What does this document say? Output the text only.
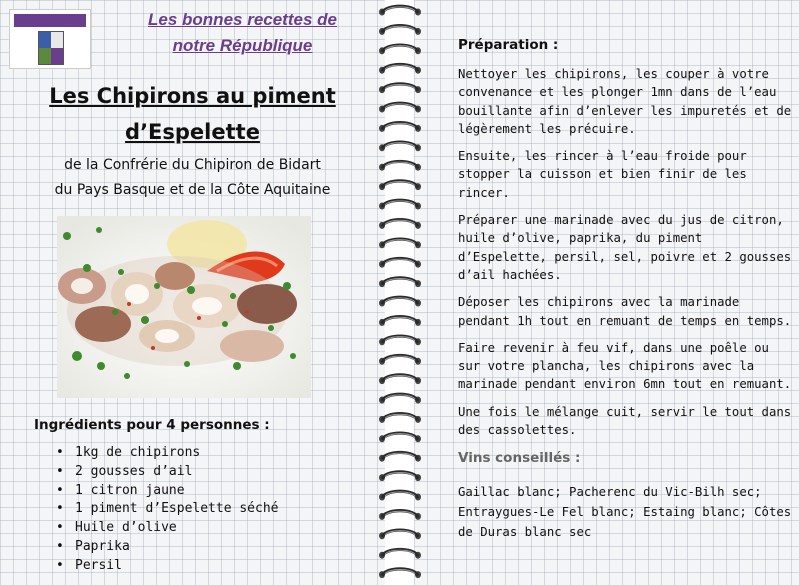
Les bonnes recettes de
notre République
Les Chipirons au piment
d’Espelette
de la Confrérie du Chipiron de Bidart
du Pays Basque et de la Côte Aquitaine
Ingrédients pour 4 personnes :
• 1kg de chipirons
• 2 gousses d’ail
• 1 citron jaune
• 1 piment d’Espelette séché
• Huile d’olive
• Paprika
• Persil
Préparation :

Nettoyer les chipirons, les couper à votre convenance et les plonger 1mn dans de l’eau bouillante afin d’enlever les impuretés et de légèrement les précuire.

Ensuite, les rincer à l’eau froide pour stopper la cuisson et bien finir de les rincer.

Préparer une marinade avec du jus de citron, huile d’olive, paprika, du piment d’Espelette, persil, sel, poivre et 2 gousses d’ail hachées.

Déposer les chipirons avec la marinade pendant 1h tout en remuant de temps en temps.

Faire revenir à feu vif, dans une poêle ou sur votre plancha, les chipirons avec la marinade pendant environ 6mn tout en remuant.

Une fois le mélange cuit, servir le tout dans des cassolettes.

Vins conseillés :

Gaillac blanc; Pacherenc du Vic-Bilh sec; Entraygues-Le Fel blanc; Estaing blanc; Côtes de Duras blanc sec
